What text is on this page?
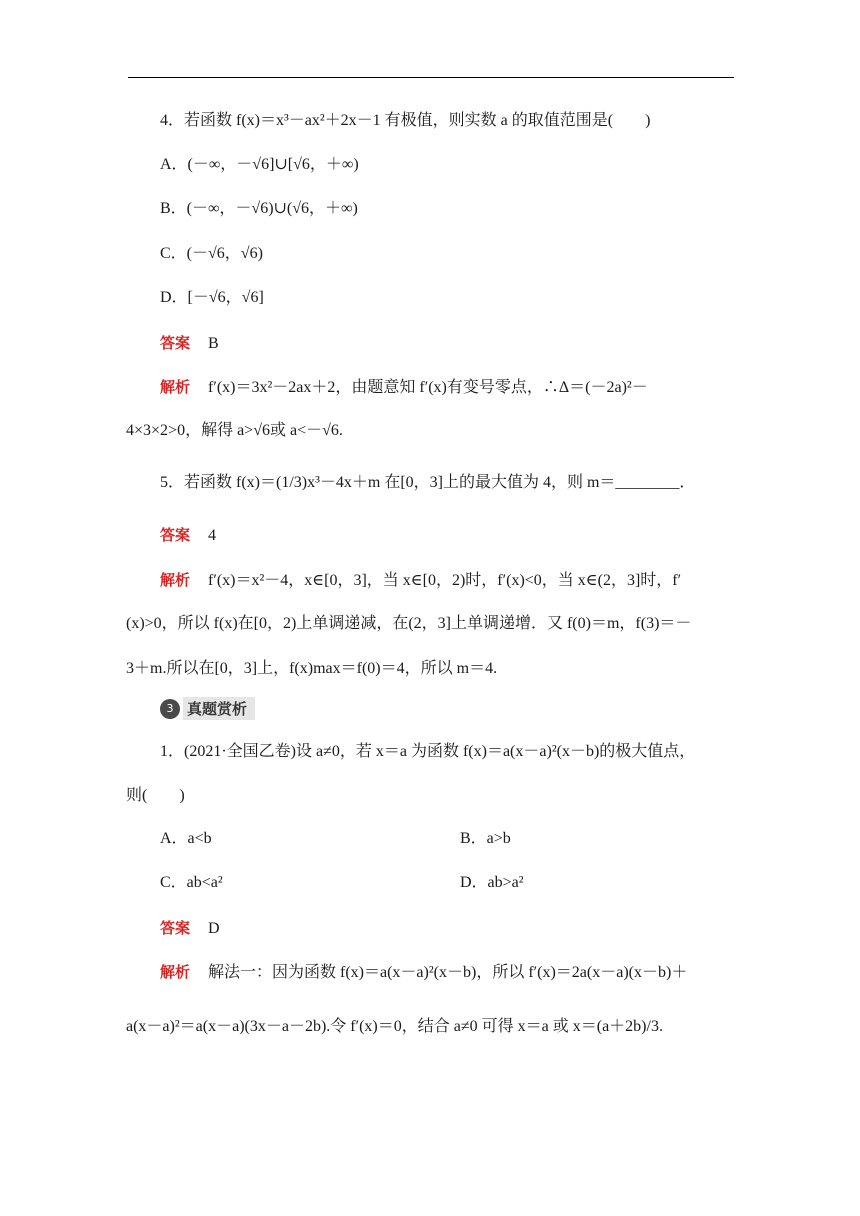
4．若函数 f(x)＝x³－ax²＋2x－1 有极值，则实数 a 的取值范围是(　　)
A．(－∞，－√6]∪[√6，＋∞)
B．(－∞，－√6)∪(√6，＋∞)
C．(－√6，√6)
D．[－√6，√6]
答案 B
解析 f′(x)＝3x²－2ax＋2，由题意知 f′(x)有变号零点，∴Δ＝(－2a)²－
4×3×2>0，解得 a>√6或 a<－√6.
5．若函数 f(x)＝(1/3)x³－4x＋m 在[0，3]上的最大值为 4，则 m＝________．
答案 4
解析 f′(x)＝x²－4，x∈[0，3]，当 x∈[0，2)时，f′(x)<0，当 x∈(2，3]时，f′
(x)>0，所以 f(x)在[0，2)上单调递减，在(2，3]上单调递增．又 f(0)＝m，f(3)＝－
3＋m.所以在[0，3]上，f(x)max＝f(0)＝4，所以 m＝4.
3 真题赏析
1．(2021·全国乙卷)设 a≠0，若 x＝a 为函数 f(x)＝a(x－a)²(x－b)的极大值点，
则(　　)
A．a<b	B．a>b
C．ab<a²	D．ab>a²
答案 D
解析 解法一：因为函数 f(x)＝a(x－a)²(x－b)，所以 f′(x)＝2a(x－a)(x－b)＋
a(x－a)²＝a(x－a)(3x－a－2b).令 f′(x)＝0，结合 a≠0 可得 x＝a 或 x＝(a＋2b)/3.
